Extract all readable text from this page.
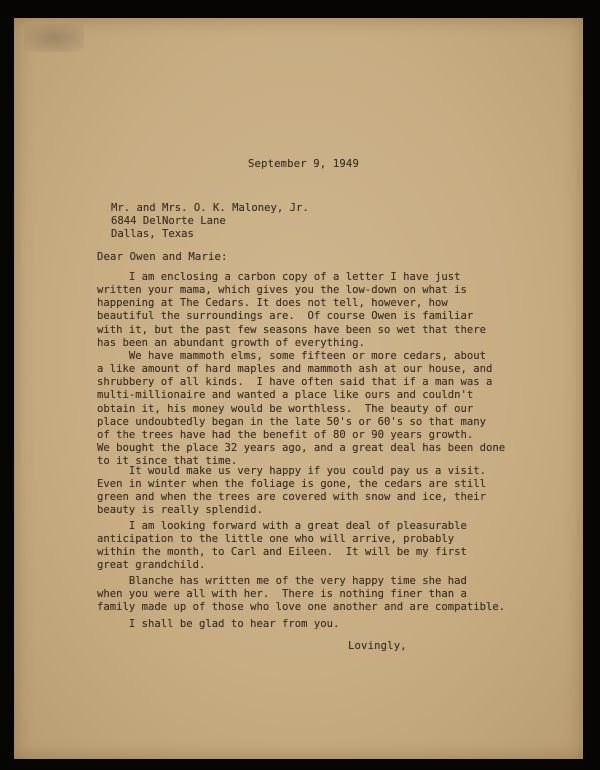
September 9, 1949
Mr. and Mrs. O. K. Maloney, Jr.
6844 DelNorte Lane
Dallas, Texas
Dear Owen and Marie:
I am enclosing a carbon copy of a letter I have just
written your mama, which gives you the low-down on what is
happening at The Cedars. It does not tell, however, how
beautiful the surroundings are.  Of course Owen is familiar
with it, but the past few seasons have been so wet that there
has been an abundant growth of everything.
We have mammoth elms, some fifteen or more cedars, about
a like amount of hard maples and mammoth ash at our house, and
shrubbery of all kinds.  I have often said that if a man was a
multi-millionaire and wanted a place like ours and couldn't
obtain it, his money would be worthless.  The beauty of our
place undoubtedly began in the late 50's or 60's so that many
of the trees have had the benefit of 80 or 90 years growth.
We bought the place 32 years ago, and a great deal has been done
to it since that time.
It would make us very happy if you could pay us a visit.
Even in winter when the foliage is gone, the cedars are still
green and when the trees are covered with snow and ice, their
beauty is really splendid.
I am looking forward with a great deal of pleasurable
anticipation to the little one who will arrive, probably
within the month, to Carl and Eileen.  It will be my first
great grandchild.
Blanche has written me of the very happy time she had
when you were all with her.  There is nothing finer than a
family made up of those who love one another and are compatible.
I shall be glad to hear from you.
Lovingly,
